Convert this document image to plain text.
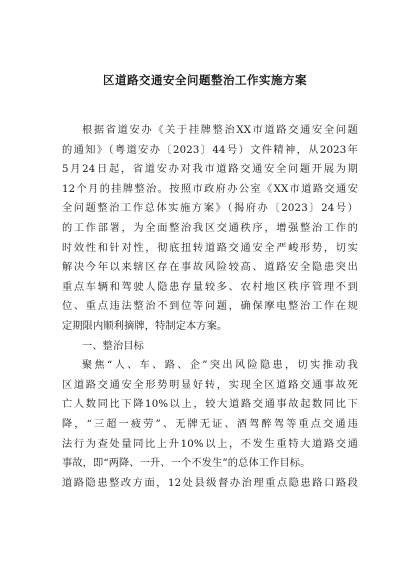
区道路交通安全问题整治工作实施方案
根据省道安办《关于挂牌整治XX市道路交通安全问题
的通知》（粤道安办〔2023〕44号）文件精神，从2023年
5月24日起，省道安办对我市道路交通安全问题开展为期
12个月的挂牌整治。按照市政府办公室《XX市道路交通安
全问题整治工作总体实施方案》（揭府办〔2023〕24号）
的工作部署，为全面整治我区交通秩序，增强整治工作的
时效性和针对性，彻底扭转道路交通安全严峻形势，切实
解决今年以来辖区存在事故风险较高、道路安全隐患突出
重点车辆和驾驶人隐患存量较多、农村地区秩序管理不到
位、重点违法整治不到位等问题，确保摩电整治工作在规
定期限内顺利摘牌，特制定本方案。
一、整治目标
聚焦“人、车、路、企”突出风险隐患，切实推动我
区道路交通安全形势明显好转，实现全区道路交通事故死
亡人数同比下降10%以上，较大道路交通事故起数同比下
降，“三超一疲劳”、无牌无证、酒驾醉驾等重点交通违
法行为查处量同比上升10%以上，不发生重特大道路交通
事故，即“两降、一升、一个不发生”的总体工作目标。
道路隐患整改方面，12处县级督办治理重点隐患路口路段
